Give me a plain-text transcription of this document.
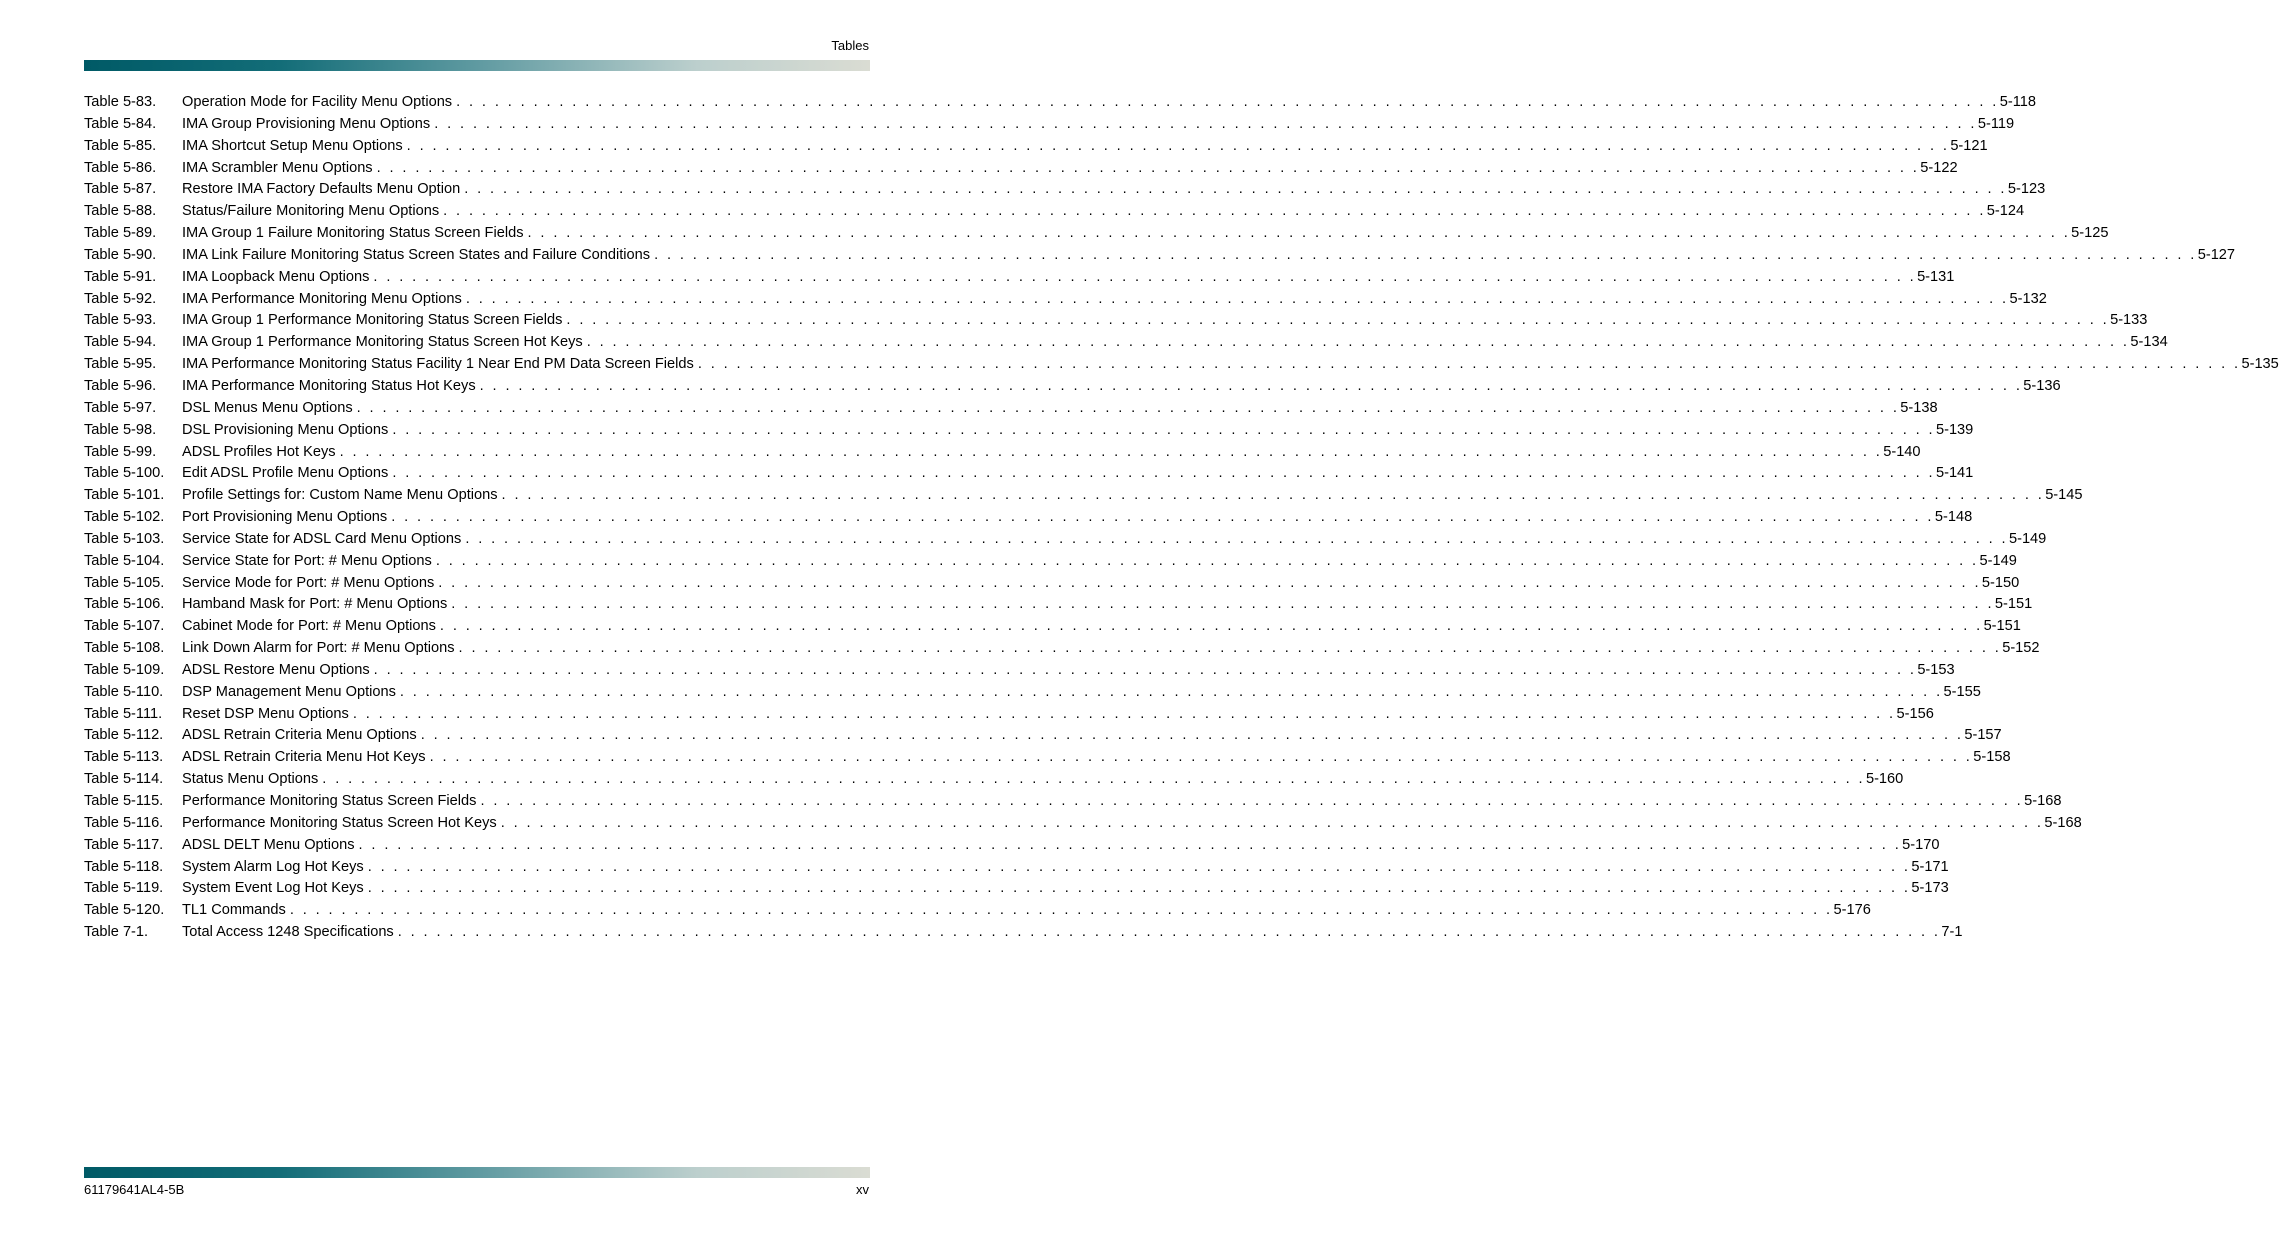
Tables
Table 5-83.	Operation Mode for Facility Menu Options . . . . . . . . . . . . . . . . . . . . . . . . . . . . . . . . . . . . . . . . . . . . . . . . . . . . . . . . . . . . . . . . . . . . . . . . . . . . . . . . . . . . . . . . . . . . . . . . . . . . . . . . . . . . . . . . . . . . . . . . 5-118
Table 5-84.	IMA Group Provisioning Menu Options . . . . . . . . . . . . . . . . . . . . . . . . . . . . . . . . . . . . . . . . . . . . . . . . . . . . . . . . . . . . . . . . . . . . . . . . . . . . . . . . . . . . . . . . . . . . . . . . . . . . . . . . . . . . . . . . . . . . . . . . 5-119
Table 5-85.	IMA Shortcut Setup Menu Options . . . . . . . . . . . . . . . . . . . . . . . . . . . . . . . . . . . . . . . . . . . . . . . . . . . . . . . . . . . . . . . . . . . . . . . . . . . . . . . . . . . . . . . . . . . . . . . . . . . . . . . . . . . . . . . . . . . . . . . . 5-121
Table 5-86.	IMA Scrambler Menu Options . . . . . . . . . . . . . . . . . . . . . . . . . . . . . . . . . . . . . . . . . . . . . . . . . . . . . . . . . . . . . . . . . . . . . . . . . . . . . . . . . . . . . . . . . . . . . . . . . . . . . . . . . . . . . . . . . . . . . . . . 5-122
Table 5-87.	Restore IMA Factory Defaults Menu Option . . . . . . . . . . . . . . . . . . . . . . . . . . . . . . . . . . . . . . . . . . . . . . . . . . . . . . . . . . . . . . . . . . . . . . . . . . . . . . . . . . . . . . . . . . . . . . . . . . . . . . . . . . . . . . . . . . . . . . . . 5-123
Table 5-88.	Status/Failure Monitoring Menu Options . . . . . . . . . . . . . . . . . . . . . . . . . . . . . . . . . . . . . . . . . . . . . . . . . . . . . . . . . . . . . . . . . . . . . . . . . . . . . . . . . . . . . . . . . . . . . . . . . . . . . . . . . . . . . . . . . . . . . . . . 5-124
Table 5-89.	IMA Group 1 Failure Monitoring Status Screen Fields . . . . . . . . . . . . . . . . . . . . . . . . . . . . . . . . . . . . . . . . . . . . . . . . . . . . . . . . . . . . . . . . . . . . . . . . . . . . . . . . . . . . . . . . . . . . . . . . . . . . . . . . . . . . . . . . . . . . . . . . 5-125
Table 5-90.	IMA Link Failure Monitoring Status Screen States and Failure Conditions . . . . . . . . . . . . . . . . . . . . . . . . . . . . . . . . . . . . . . . . . . . . . . . . . . . . . . . . . . . . . . . . . . . . . . . . . . . . . . . . . . . . . . . . . . . . . . . . . . . . . . . . . . . . . . . . . . . . . . . . 5-127
Table 5-91.	IMA Loopback Menu Options . . . . . . . . . . . . . . . . . . . . . . . . . . . . . . . . . . . . . . . . . . . . . . . . . . . . . . . . . . . . . . . . . . . . . . . . . . . . . . . . . . . . . . . . . . . . . . . . . . . . . . . . . . . . . . . . . . . . . . . . 5-131
Table 5-92.	IMA Performance Monitoring Menu Options . . . . . . . . . . . . . . . . . . . . . . . . . . . . . . . . . . . . . . . . . . . . . . . . . . . . . . . . . . . . . . . . . . . . . . . . . . . . . . . . . . . . . . . . . . . . . . . . . . . . . . . . . . . . . . . . . . . . . . . . 5-132
Table 5-93.	IMA Group 1 Performance Monitoring Status Screen Fields . . . . . . . . . . . . . . . . . . . . . . . . . . . . . . . . . . . . . . . . . . . . . . . . . . . . . . . . . . . . . . . . . . . . . . . . . . . . . . . . . . . . . . . . . . . . . . . . . . . . . . . . . . . . . . . . . . . . . . . . 5-133
Table 5-94.	IMA Group 1 Performance Monitoring Status Screen Hot Keys . . . . . . . . . . . . . . . . . . . . . . . . . . . . . . . . . . . . . . . . . . . . . . . . . . . . . . . . . . . . . . . . . . . . . . . . . . . . . . . . . . . . . . . . . . . . . . . . . . . . . . . . . . . . . . . . . . . . . . . . 5-134
Table 5-95.	IMA Performance Monitoring Status Facility 1 Near End PM Data Screen Fields . . . . . . . . . . . . . . . . . . . . . . . . . . . . . . . . . . . . . . . . . . . . . . . . . . . . . . . . . . . . . . . . . . . . . . . . . . . . . . . . . . . . . . . . . . . . . . . . . . . . . . . . . . . . . . . . . . . . . . . . 5-135
Table 5-96.	IMA Performance Monitoring Status Hot Keys . . . . . . . . . . . . . . . . . . . . . . . . . . . . . . . . . . . . . . . . . . . . . . . . . . . . . . . . . . . . . . . . . . . . . . . . . . . . . . . . . . . . . . . . . . . . . . . . . . . . . . . . . . . . . . . . . . . . . . . . 5-136
Table 5-97.	DSL Menus Menu Options . . . . . . . . . . . . . . . . . . . . . . . . . . . . . . . . . . . . . . . . . . . . . . . . . . . . . . . . . . . . . . . . . . . . . . . . . . . . . . . . . . . . . . . . . . . . . . . . . . . . . . . . . . . . . . . . . . . . . . . . 5-138
Table 5-98.	DSL Provisioning Menu Options . . . . . . . . . . . . . . . . . . . . . . . . . . . . . . . . . . . . . . . . . . . . . . . . . . . . . . . . . . . . . . . . . . . . . . . . . . . . . . . . . . . . . . . . . . . . . . . . . . . . . . . . . . . . . . . . . . . . . . . . 5-139
Table 5-99.	ADSL Profiles Hot Keys . . . . . . . . . . . . . . . . . . . . . . . . . . . . . . . . . . . . . . . . . . . . . . . . . . . . . . . . . . . . . . . . . . . . . . . . . . . . . . . . . . . . . . . . . . . . . . . . . . . . . . . . . . . . . . . . . . . . . . . . 5-140
Table 5-100.	Edit ADSL Profile Menu Options . . . . . . . . . . . . . . . . . . . . . . . . . . . . . . . . . . . . . . . . . . . . . . . . . . . . . . . . . . . . . . . . . . . . . . . . . . . . . . . . . . . . . . . . . . . . . . . . . . . . . . . . . . . . . . . . . . . . . . . . 5-141
Table 5-101.	Profile Settings for: Custom Name Menu Options . . . . . . . . . . . . . . . . . . . . . . . . . . . . . . . . . . . . . . . . . . . . . . . . . . . . . . . . . . . . . . . . . . . . . . . . . . . . . . . . . . . . . . . . . . . . . . . . . . . . . . . . . . . . . . . . . . . . . . . . 5-145
Table 5-102.	Port Provisioning Menu Options . . . . . . . . . . . . . . . . . . . . . . . . . . . . . . . . . . . . . . . . . . . . . . . . . . . . . . . . . . . . . . . . . . . . . . . . . . . . . . . . . . . . . . . . . . . . . . . . . . . . . . . . . . . . . . . . . . . . . . . . 5-148
Table 5-103.	Service State for ADSL Card Menu Options . . . . . . . . . . . . . . . . . . . . . . . . . . . . . . . . . . . . . . . . . . . . . . . . . . . . . . . . . . . . . . . . . . . . . . . . . . . . . . . . . . . . . . . . . . . . . . . . . . . . . . . . . . . . . . . . . . . . . . . . 5-149
Table 5-104.	Service State for Port: # Menu Options . . . . . . . . . . . . . . . . . . . . . . . . . . . . . . . . . . . . . . . . . . . . . . . . . . . . . . . . . . . . . . . . . . . . . . . . . . . . . . . . . . . . . . . . . . . . . . . . . . . . . . . . . . . . . . . . . . . . . . . . 5-149
Table 5-105.	Service Mode for Port: # Menu Options . . . . . . . . . . . . . . . . . . . . . . . . . . . . . . . . . . . . . . . . . . . . . . . . . . . . . . . . . . . . . . . . . . . . . . . . . . . . . . . . . . . . . . . . . . . . . . . . . . . . . . . . . . . . . . . . . . . . . . . . 5-150
Table 5-106.	Hamband Mask for Port: # Menu Options . . . . . . . . . . . . . . . . . . . . . . . . . . . . . . . . . . . . . . . . . . . . . . . . . . . . . . . . . . . . . . . . . . . . . . . . . . . . . . . . . . . . . . . . . . . . . . . . . . . . . . . . . . . . . . . . . . . . . . . . 5-151
Table 5-107.	Cabinet Mode for Port: # Menu Options . . . . . . . . . . . . . . . . . . . . . . . . . . . . . . . . . . . . . . . . . . . . . . . . . . . . . . . . . . . . . . . . . . . . . . . . . . . . . . . . . . . . . . . . . . . . . . . . . . . . . . . . . . . . . . . . . . . . . . . . 5-151
Table 5-108.	Link Down Alarm for Port: # Menu Options . . . . . . . . . . . . . . . . . . . . . . . . . . . . . . . . . . . . . . . . . . . . . . . . . . . . . . . . . . . . . . . . . . . . . . . . . . . . . . . . . . . . . . . . . . . . . . . . . . . . . . . . . . . . . . . . . . . . . . . . 5-152
Table 5-109.	ADSL Restore Menu Options . . . . . . . . . . . . . . . . . . . . . . . . . . . . . . . . . . . . . . . . . . . . . . . . . . . . . . . . . . . . . . . . . . . . . . . . . . . . . . . . . . . . . . . . . . . . . . . . . . . . . . . . . . . . . . . . . . . . . . . . 5-153
Table 5-110.	DSP Management Menu Options . . . . . . . . . . . . . . . . . . . . . . . . . . . . . . . . . . . . . . . . . . . . . . . . . . . . . . . . . . . . . . . . . . . . . . . . . . . . . . . . . . . . . . . . . . . . . . . . . . . . . . . . . . . . . . . . . . . . . . . . 5-155
Table 5-111.	Reset DSP Menu Options . . . . . . . . . . . . . . . . . . . . . . . . . . . . . . . . . . . . . . . . . . . . . . . . . . . . . . . . . . . . . . . . . . . . . . . . . . . . . . . . . . . . . . . . . . . . . . . . . . . . . . . . . . . . . . . . . . . . . . . . 5-156
Table 5-112.	ADSL Retrain Criteria Menu Options . . . . . . . . . . . . . . . . . . . . . . . . . . . . . . . . . . . . . . . . . . . . . . . . . . . . . . . . . . . . . . . . . . . . . . . . . . . . . . . . . . . . . . . . . . . . . . . . . . . . . . . . . . . . . . . . . . . . . . . . 5-157
Table 5-113.	ADSL Retrain Criteria Menu Hot Keys . . . . . . . . . . . . . . . . . . . . . . . . . . . . . . . . . . . . . . . . . . . . . . . . . . . . . . . . . . . . . . . . . . . . . . . . . . . . . . . . . . . . . . . . . . . . . . . . . . . . . . . . . . . . . . . . . . . . . . . . 5-158
Table 5-114.	Status Menu Options . . . . . . . . . . . . . . . . . . . . . . . . . . . . . . . . . . . . . . . . . . . . . . . . . . . . . . . . . . . . . . . . . . . . . . . . . . . . . . . . . . . . . . . . . . . . . . . . . . . . . . . . . . . . . . . . . . . . . . . . 5-160
Table 5-115.	Performance Monitoring Status Screen Fields . . . . . . . . . . . . . . . . . . . . . . . . . . . . . . . . . . . . . . . . . . . . . . . . . . . . . . . . . . . . . . . . . . . . . . . . . . . . . . . . . . . . . . . . . . . . . . . . . . . . . . . . . . . . . . . . . . . . . . . . 5-168
Table 5-116.	Performance Monitoring Status Screen Hot Keys . . . . . . . . . . . . . . . . . . . . . . . . . . . . . . . . . . . . . . . . . . . . . . . . . . . . . . . . . . . . . . . . . . . . . . . . . . . . . . . . . . . . . . . . . . . . . . . . . . . . . . . . . . . . . . . . . . . . . . . . 5-168
Table 5-117.	ADSL DELT Menu Options . . . . . . . . . . . . . . . . . . . . . . . . . . . . . . . . . . . . . . . . . . . . . . . . . . . . . . . . . . . . . . . . . . . . . . . . . . . . . . . . . . . . . . . . . . . . . . . . . . . . . . . . . . . . . . . . . . . . . . . . 5-170
Table 5-118.	System Alarm Log Hot Keys . . . . . . . . . . . . . . . . . . . . . . . . . . . . . . . . . . . . . . . . . . . . . . . . . . . . . . . . . . . . . . . . . . . . . . . . . . . . . . . . . . . . . . . . . . . . . . . . . . . . . . . . . . . . . . . . . . . . . . . . 5-171
Table 5-119.	System Event Log Hot Keys . . . . . . . . . . . . . . . . . . . . . . . . . . . . . . . . . . . . . . . . . . . . . . . . . . . . . . . . . . . . . . . . . . . . . . . . . . . . . . . . . . . . . . . . . . . . . . . . . . . . . . . . . . . . . . . . . . . . . . . . 5-173
Table 5-120.	TL1 Commands . . . . . . . . . . . . . . . . . . . . . . . . . . . . . . . . . . . . . . . . . . . . . . . . . . . . . . . . . . . . . . . . . . . . . . . . . . . . . . . . . . . . . . . . . . . . . . . . . . . . . . . . . . . . . . . . . . . . . . . . 5-176
Table 7-1.	Total Access 1248 Specifications . . . . . . . . . . . . . . . . . . . . . . . . . . . . . . . . . . . . . . . . . . . . . . . . . . . . . . . . . . . . . . . . . . . . . . . . . . . . . . . . . . . . . . . . . . . . . . . . . . . . . . . . . . . . . . . . . . . . . . . . 7-1
61179641AL4-5B	xv
